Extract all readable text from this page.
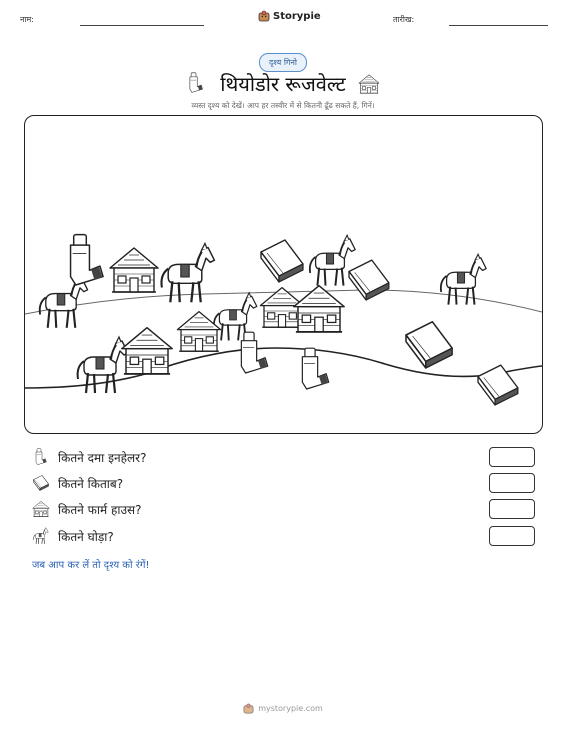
नाम:	Storypie	तारीख:
दृश्य गिनो
थियोडोर रूजवेल्ट
व्यस्त दृश्य को देखें। आप हर तस्वीर में से कितनी ढूँढ सकते हैं, गिनें।
कितने दमा इनहेलर?
कितने किताब?
कितने फार्म हाउस?
कितने घोड़ा?
जब आप कर लें तो दृश्य को रंगें!
mystorypie.com
